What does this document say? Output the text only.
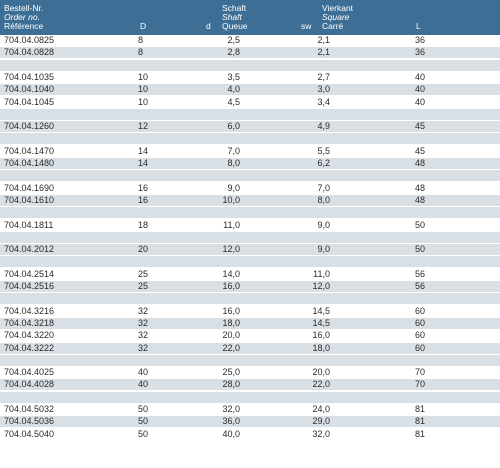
Bestell-Nr.
Order no.
Référence	D	d
Schaft
Shaft
Queue	sw
Vierkant
Square
Carré	L
704.04.0825	8	2,5	2,1	36
704.04.0828	8	2,8	2,1	36
704.04.1035	10	3,5	2,7	40
704.04.1040	10	4,0	3,0	40
704.04.1045	10	4,5	3,4	40
704.04.1260	12	6,0	4,9	45
704.04.1470	14	7,0	5,5	45
704.04.1480	14	8,0	6,2	48
704.04.1690	16	9,0	7,0	48
704.04.1610	16	10,0	8,0	48
704.04.1811	18	11,0	9,0	50
704.04.2012	20	12,0	9,0	50
704.04.2514	25	14,0	11,0	56
704.04.2516	25	16,0	12,0	56
704.04.3216	32	16,0	14,5	60
704.04.3218	32	18,0	14,5	60
704.04.3220	32	20,0	16,0	60
704.04.3222	32	22,0	18,0	60
704.04.4025	40	25,0	20,0	70
704.04.4028	40	28,0	22,0	70
704.04.5032	50	32,0	24,0	81
704.04.5036	50	36,0	29,0	81
704.04.5040	50	40,0	32,0	81
